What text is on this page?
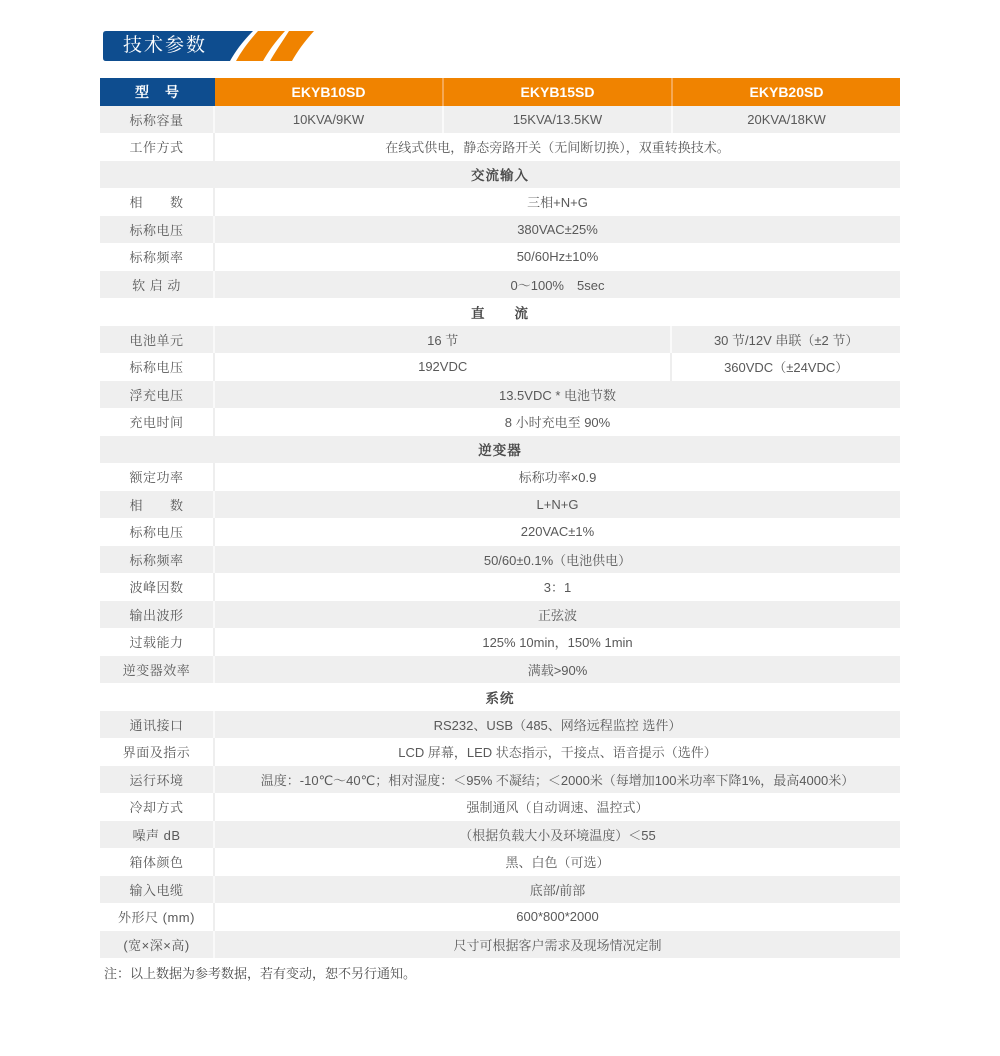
技术参数
型　号	EKYB10SD	EKYB15SD	EKYB20SD
标称容量	10KVA/9KW	15KVA/13.5KW	20KVA/18KW
工作方式	在线式供电，静态旁路开关（无间断切换），双重转换技术。
交流输入
相　　数	三相+N+G
标称电压	380VAC±25%
标称频率	50/60Hz±10%
软 启 动	0～100%　5sec
直　　流
电池单元	16 节	30 节/12V 串联（±2 节）
标称电压	192VDC	360VDC（±24VDC）
浮充电压	13.5VDC * 电池节数
充电时间	8 小时充电至 90%
逆变器
额定功率	标称功率×0.9
相　　数	L+N+G
标称电压	220VAC±1%
标称频率	50/60±0.1%（电池供电）
波峰因数	3：1
输出波形	正弦波
过载能力	125% 10min，150% 1min
逆变器效率	满载>90%
系统
通讯接口	RS232、USB（485、网络远程监控 选件）
界面及指示	LCD 屏幕，LED 状态指示，干接点、语音提示（选件）
运行环境	温度：-10℃～40℃；相对湿度：＜95% 不凝结；＜2000米（每增加100米功率下降1%，最高4000米）
冷却方式	强制通风（自动调速、温控式）
噪声 dB	（根据负载大小及环境温度）＜55
箱体颜色	黑、白色（可选）
输入电缆	底部/前部
外形尺 (mm)	600*800*2000
(宽×深×高)	尺寸可根据客户需求及现场情况定制
注：以上数据为参考数据，若有变动，恕不另行通知。
